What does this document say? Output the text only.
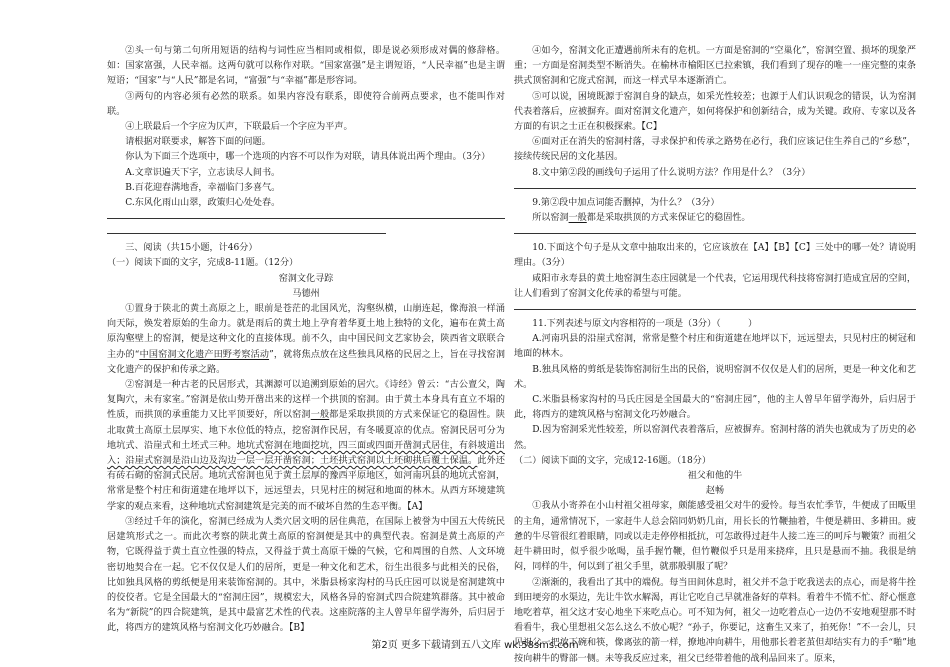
②头一句与第二句所用短语的结构与词性应当相同或相似，即是说必须形成对偶的修辞格。如：国家富强，人民幸福。这两句就可以称作对联。“国家富强”是主谓短语，“人民幸福”也是主谓短语；“国家”与“人民”都是名词，“富强”与“幸福”都是形容词。

③两句的内容必须有必然的联系。如果内容没有联系，即使符合前两点要求，也不能叫作对联。

④上联最后一个字应为仄声，下联最后一个字应为平声。

请根据对联要求，解答下面的问题。

你认为下面三个选项中，哪一个选项的内容不可以作为对联，请具体说出两个理由。（3分）

A.文章识遍天下字，立志读尽人间书。

B.百花迎春满地香，幸福临门多喜气。

C.东风化雨山山翠，政策归心处处春。

三、阅读（共15小题，计46分）

（一）阅读下面的文字，完成8-11题。（12分）

窑洞文化寻踪

马德州

①置身于陕北的黄土高原之上，眼前是苍茫的北国风光，沟壑纵横，山崩连起，像海浪一样涌向天际，焕发着原始的生命力。就是雨后的黄土地上孕育着华夏土地上独特的文化，遍布在黄土高原沟壑壁上的窑洞，便是这种文化的直接体现。前不久，由中国民间文艺家协会，陕西省文联联合主办的“中国窑洞文化遗产田野考察活动”，就将焦点放在这些独具风格的民居之上，旨在寻找窑洞文化遗产的保护和传承之路。

②窑洞是一种古老的民居形式，其渊源可以追溯到原始的居穴。《诗经》曾云：“古公亶父，陶复陶穴，未有家室。”窑洞是依山势开凿出来的这样一个拱顶的窑洞。由于黄土本身具有直立不塌的性质，而拱顶的承重能力又比平顶要好，所以窑洞一般都是采取拱顶的方式来保证它的稳固性。陕北取黄土高原土层厚实、地下水位低的特点，挖窑洞作民居，有冬暖夏凉的优点。窑洞民居可分为地坑式、沿崖式和土坯式三种。地坑式窑洞在地面挖坑，四三面或四面开凿洞式居住，有斜坡道出入；沿崖式窑洞是沿山边及沟边一层一层开凿窑洞；土坯拱式窑洞以土坯砌拱后覆土保温。此外还有砖石砌的窑洞式民居。地坑式窑洞也见于黄土层厚的豫西平原地区，如河南巩县的地坑式窑洞，常常是整个村庄和街道建在地坪以下，远远望去，只见村庄的树冠和地面的林木。从西方环境建筑学家的观点来看，这种地坑式窑洞建筑是完美的而不破坏自然的生态平衡。【A】

③经过千年的演化，窑洞已经成为人类穴居文明的居住典范，在国际上被誉为中国五大传统民居建筑形式之一。而此次考察的陕北黄土高原的窑洞便是其中的典型代表。窑洞是黄土高原的产物，它既得益于黄土直立性强的特点，又得益于黄土高原干燥的气候，它和周围的自然、人文环境密切地契合在一起。它不仅仅是人们的居所，更是一种文化和艺术，衍生出很多与此相关的民俗，比如独具风格的剪纸便是用来装饰窑洞的。其中，米脂县杨家沟村的马氏庄园可以说是窑洞建筑中的佼佼者。它是全国最大的“窑洞庄园”，规模宏大，风格各异的窑洞式四合院建筑群落。其中被命名为“新院”的四合院建筑，是其中最富艺术性的代表。这座院落的主人曾早年留学海外，后归居于此，将西方的建筑风格与窑洞文化巧妙融合。【B】

④如今，窑洞文化正遭遇前所未有的危机。一方面是窑洞的“空巢化”，窑洞空置、损坏的现象严重；一方面是窑洞类型不断消失。在榆林市榆阳区已拉索镇，我们看到了现存的唯一一座完整的束条拱式顶窑洞和它庞式窑洞，而这一样式早本逐渐消亡。

⑤可以说，困境既源于窑洞自身的缺点，如采光性较差；也源于人们认识观念的错误，认为窑洞代表着落后，应被摒弃。面对窑洞文化遗产，如何将保护和创新结合，成为关键。政府、专家以及各方面的有识之士正在积极探索。【C】

⑥面对正在消失的窑洞村落，寻求保护和传承之路势在必行，我们应该记住生养自己的“乡愁”，接续传统民居的文化基因。

8.文中第②段的画线句子运用了什么说明方法？作用是什么？（3分）

9.第②段中加点词能否删掉，为什么？（3分）

所以窑洞一般都是采取拱顶的方式来保证它的稳固性。

10.下面这个句子是从文章中抽取出来的，它应该放在【A】【B】【C】三处中的哪一处？请说明理由。（3分）

咸阳市永寿县的黄土地窑洞生态庄园就是一个代表，它运用现代科技将窑洞打造成宜居的空间，让人们看到了窑洞文化传承的希望与可能。

11.下列表述与原文内容相符的一项是（3分）（　　　）

A.河南巩县的沿崖式窑洞，常常是整个村庄和街道建在地坪以下，远远望去，只见村庄的树冠和地面的林木。

B.独具风格的剪纸是装饰窑洞衍生出的民俗，说明窑洞不仅仅是人们的居所，更是一种文化和艺术。

C.米脂县杨家沟村的马氏庄园是全国最大的“窑洞庄园”，他的主人曾早年留学海外，后归居于此，将西方的建筑风格与窑洞文化巧妙融合。

D.因为窑洞采光性较差，所以窑洞代表着落后，应被摒弃。窑洞村落的消失也就成为了历史的必然。

（二）阅读下面的文字，完成12-16题。（18分）

祖父和他的牛

赵畅

①我从小寄养在小山村祖父祖母家，颇能感受祖父对牛的爱怜。每当农忙季节，牛便成了田畈里的主角，通常情况下，一家赶牛人总会陪同奶奶几亩，用长长的竹鞭抽着，牛便是耕田、多耕田。疲惫的牛尽管很红着眼睛，同或以走走停停相抵抗，可怎敢得过赶牛人接二连三的呵斥与鞭策？而祖父赶牛耕田时，似乎很少吆喝，虽手握竹鞭，但竹鞭似乎只是用来挠痒，且只是悬而不抽。我很是纳闷，同样的牛，何以到了祖父手里，就那般驯服了呢？

②渐渐的，我看出了其中的端倪。每当田间休息时，祖父并不急于吃我送去的点心，而是将牛拴到田埂旁的水渠边，先让牛饮水解渴，再让它吃自己早就准备好的草料。看着牛不慌不忙、舒心惬意地吃着草，祖父这才安心地坐下来吃点心。可不知为何，祖父一边吃着点心一边仍不安地观望那不时看看牛，我心里想祖父怎么这么不放心呢？“孙子，你要记，这畜生又来了，拍死你！”不一会儿，只见祖父一把放下碗和筷，像离弦的箭一样，撩地冲向耕牛，用他那长着老茧但却结实有力的手“啪”地按向耕牛的臀部一侧。未等我反应过来，祖父已经带着他的战利品回来了。原来，

第2页 更多下载请到五八文库 wk.58sms.com
